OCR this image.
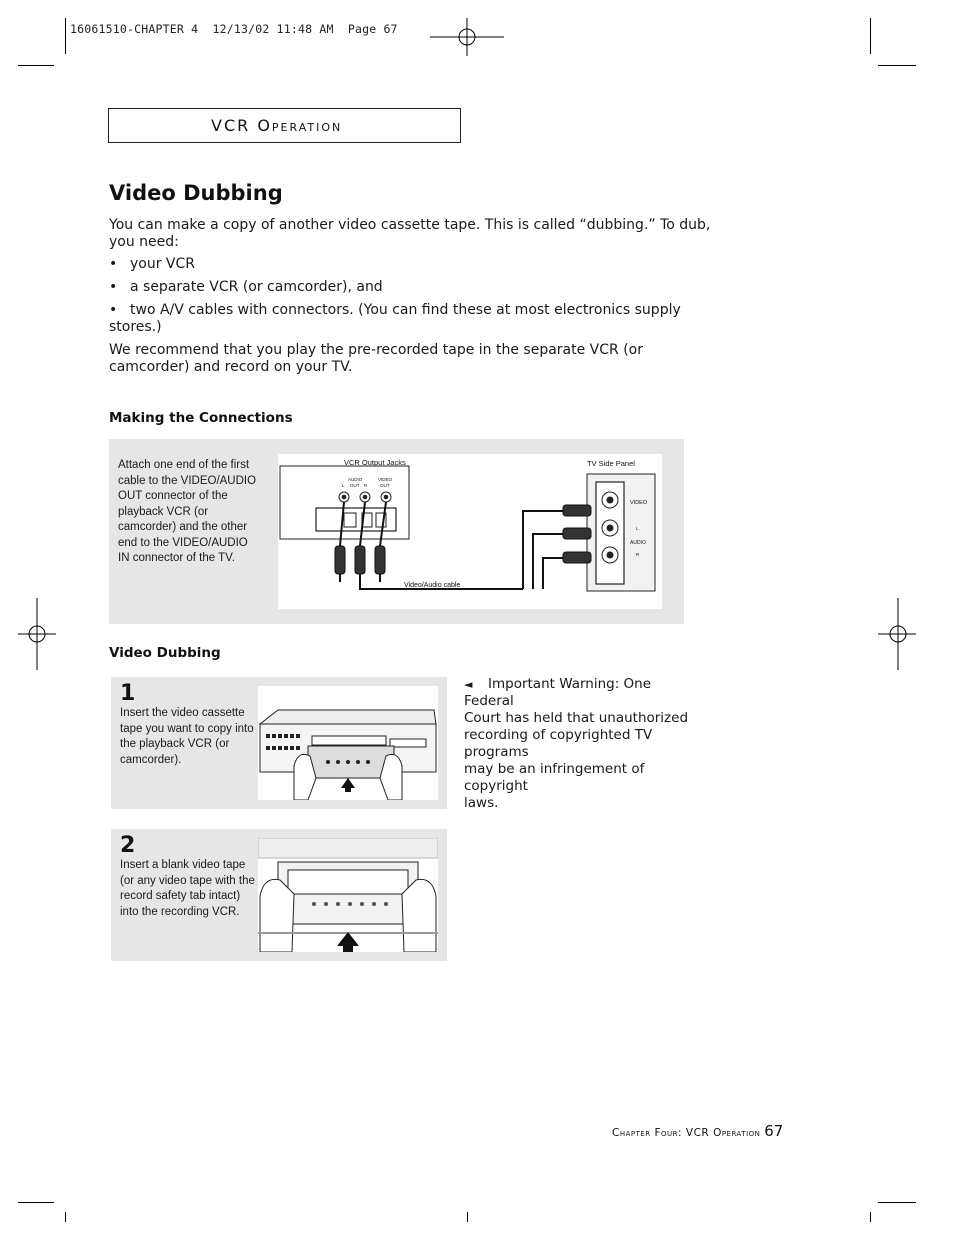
16061510-CHAPTER 4  12/13/02 11:48 AM  Page 67
VCR Operation
Video Dubbing
You can make a copy of another video cassette tape. This is called “dubbing.” To dub,
you need:
• your VCR
• a separate VCR (or camcorder), and
• two A/V cables with connectors. (You can find these at most electronics supply
stores.)
We recommend that you play the pre-recorded tape in the separate VCR (or
camcorder) and record on your TV.
Making the Connections
Attach one end of the first
cable to the VIDEO/AUDIO
OUT connector of the
playback VCR (or
camcorder) and the other
end to the VIDEO/AUDIO
IN connector of the TV.
VCR Output Jacks
AUDIO	VIDEO
L OUT R	OUT
Video/Audio cable
TV Side Panel
VIDEO
AUDIO
L
R
Video Dubbing
1
Insert the video cassette
tape you want to copy into
the playback VCR (or
camcorder).
2
Insert a blank video tape
(or any video tape with the
record safety tab intact)
into the recording VCR.
◄ Important Warning: One Federal
Court has held that unauthorized
recording of copyrighted TV programs
may be an infringement of copyright
laws.
Chapter Four: VCR Operation 67
